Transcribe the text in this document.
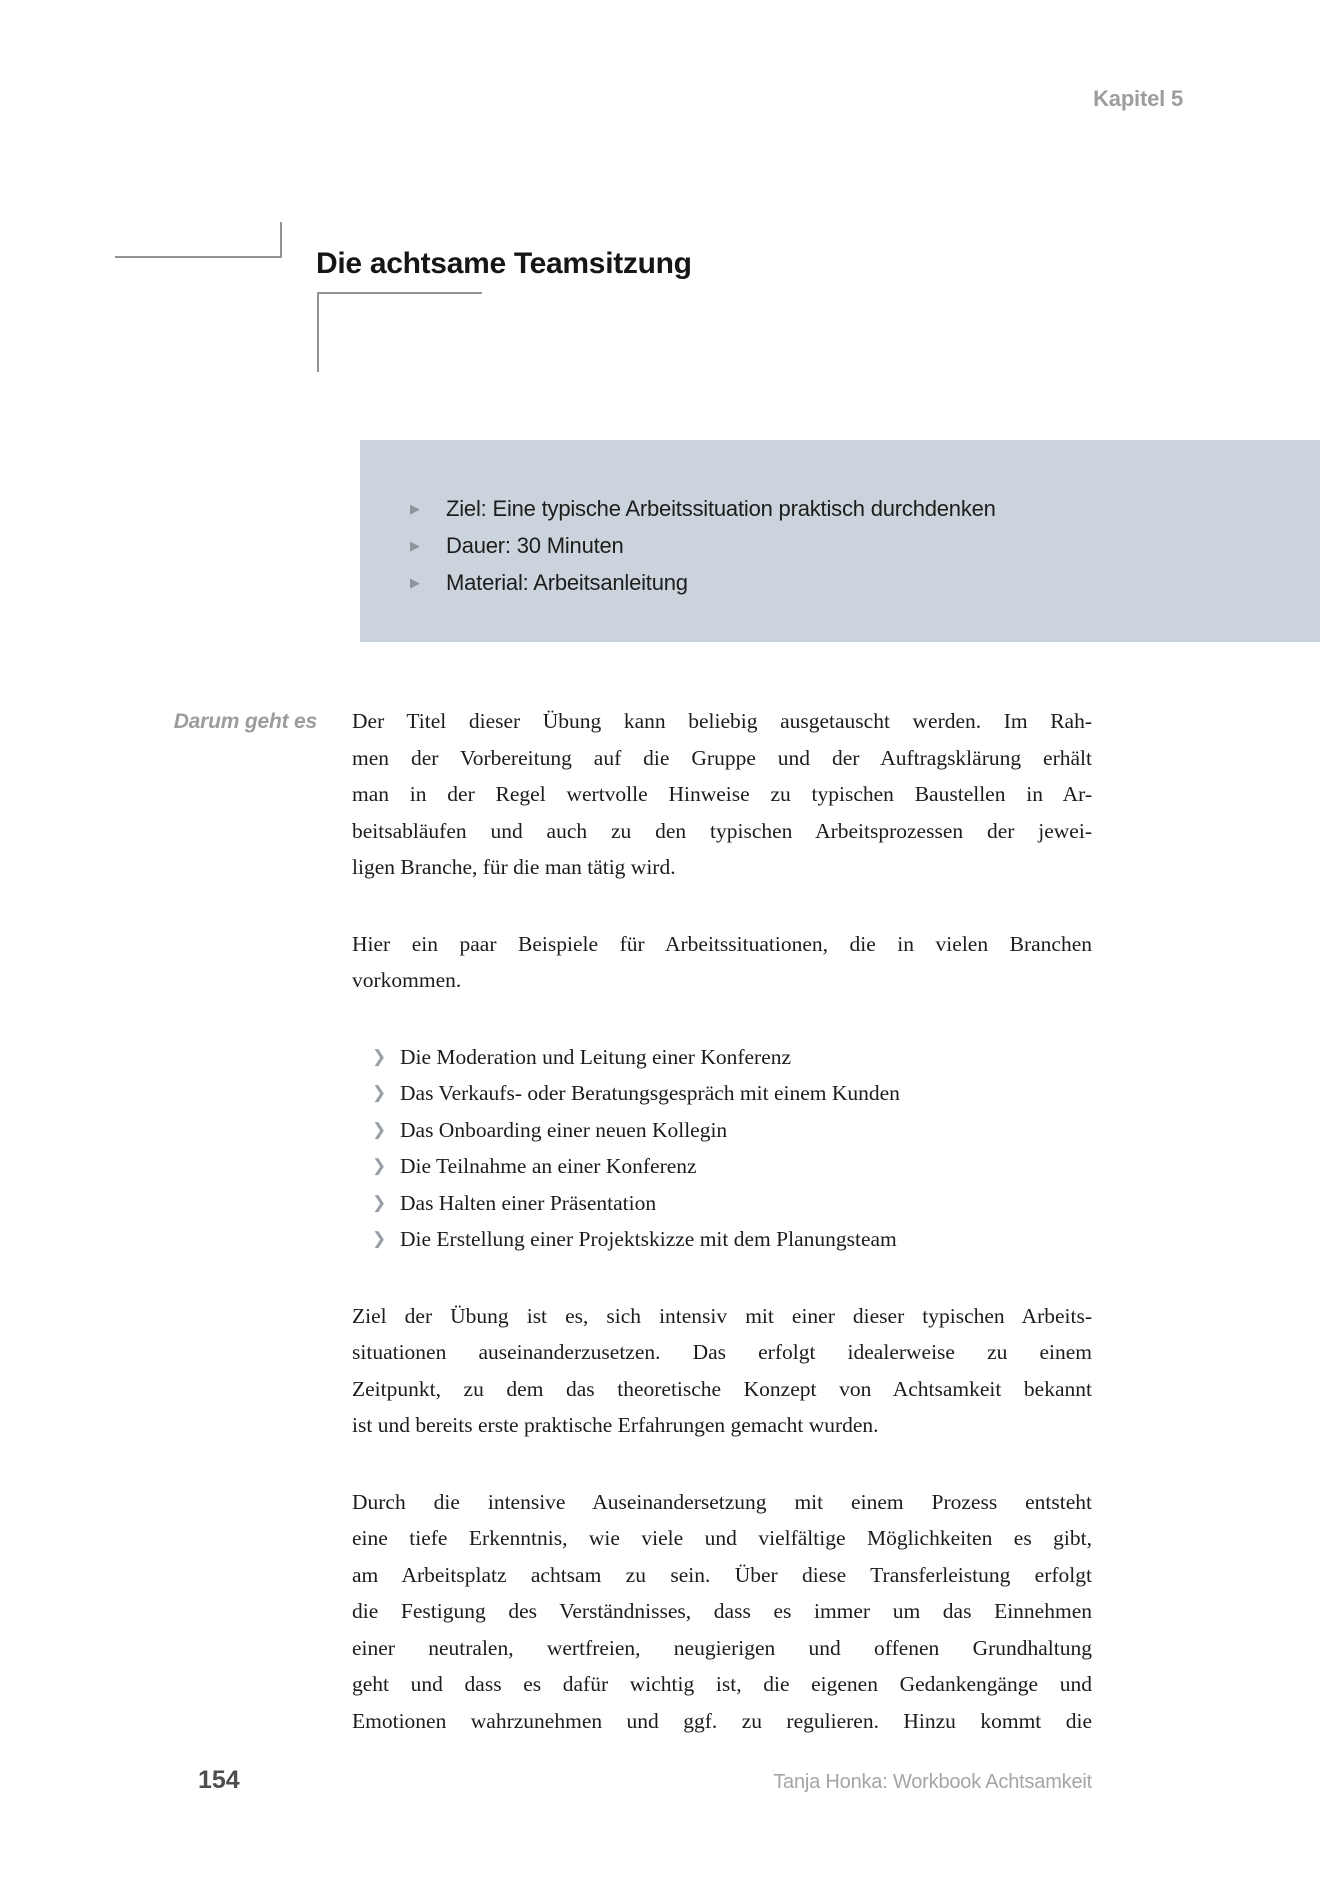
Kapitel 5
Die achtsame Teamsitzung
▶ Ziel: Eine typische Arbeitssituation praktisch durchdenken
▶ Dauer: 30 Minuten
▶ Material: Arbeitsanleitung
Darum geht es Der Titel dieser Übung kann beliebig ausgetauscht werden. Im Rah-
men der Vorbereitung auf die Gruppe und der Auftragsklärung erhält
man in der Regel wertvolle Hinweise zu typischen Baustellen in Ar-
beitsabläufen und auch zu den typischen Arbeitsprozessen der jewei-
ligen Branche, für die man tätig wird.
Hier ein paar Beispiele für Arbeitssituationen, die in vielen Branchen
vorkommen.
❯ Die Moderation und Leitung einer Konferenz
❯ Das Verkaufs- oder Beratungsgespräch mit einem Kunden
❯ Das Onboarding einer neuen Kollegin
❯ Die Teilnahme an einer Konferenz
❯ Das Halten einer Präsentation
❯ Die Erstellung einer Projektskizze mit dem Planungsteam
Ziel der Übung ist es, sich intensiv mit einer dieser typischen Arbeits-
situationen auseinanderzusetzen. Das erfolgt idealerweise zu einem
Zeitpunkt, zu dem das theoretische Konzept von Achtsamkeit bekannt
ist und bereits erste praktische Erfahrungen gemacht wurden.
Durch die intensive Auseinandersetzung mit einem Prozess entsteht
eine tiefe Erkenntnis, wie viele und vielfältige Möglichkeiten es gibt,
am Arbeitsplatz achtsam zu sein. Über diese Transferleistung erfolgt
die Festigung des Verständnisses, dass es immer um das Einnehmen
einer neutralen, wertfreien, neugierigen und offenen Grundhaltung
geht und dass es dafür wichtig ist, die eigenen Gedankengänge und
Emotionen wahrzunehmen und ggf. zu regulieren. Hinzu kommt die
154	Tanja Honka: Workbook Achtsamkeit
